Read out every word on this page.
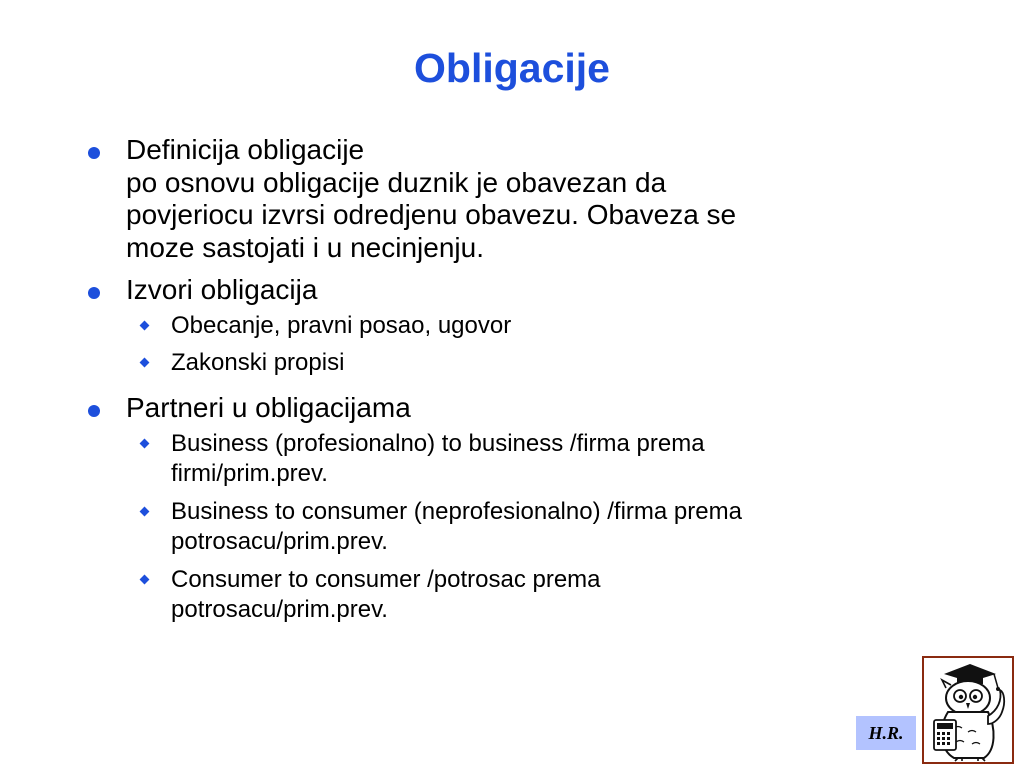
Obligacije
Definicija obligacije
po osnovu obligacije duznik je obavezan da
povjeriocu izvrsi odredjenu obavezu. Obaveza se
moze sastojati i u necinjenju.
Izvori obligacija
Obecanje, pravni posao, ugovor
Zakonski propisi
Partneri u obligacijama
Business (profesionalno) to business /firma prema
firmi/prim.prev.
Business to consumer (neprofesionalno) /firma prema
potrosacu/prim.prev.
Consumer to consumer /potrosac prema
potrosacu/prim.prev.
H.R.
